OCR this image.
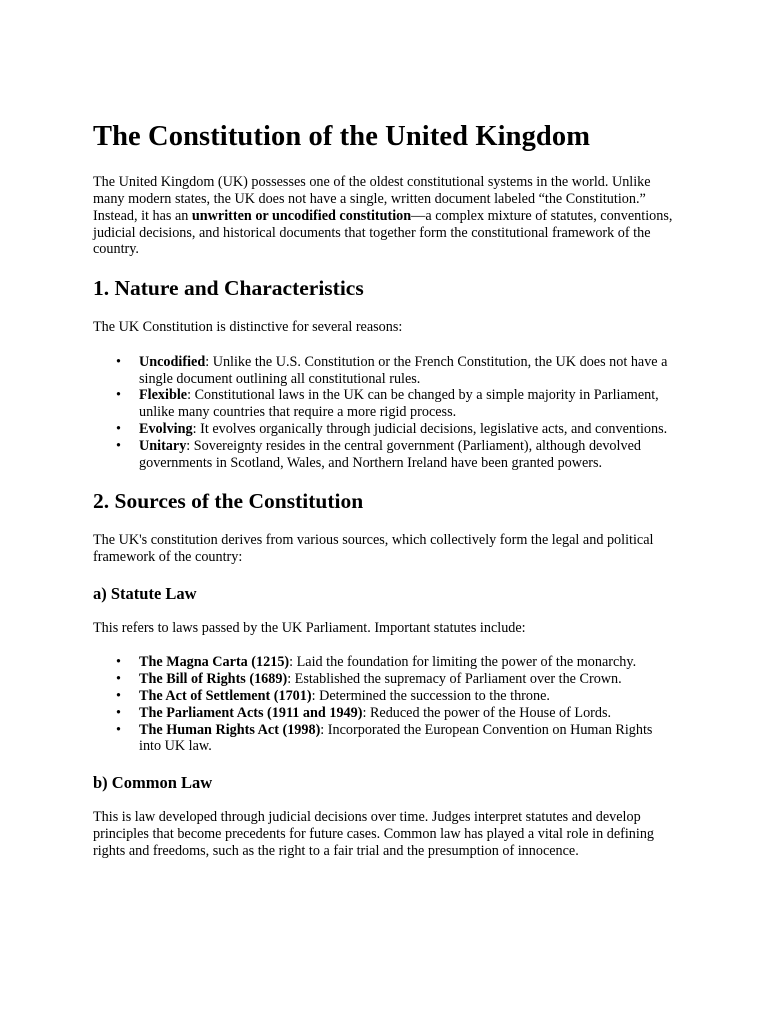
The Constitution of the United Kingdom

The United Kingdom (UK) possesses one of the oldest constitutional systems in the world. Unlike many modern states, the UK does not have a single, written document labeled “the Constitution.” Instead, it has an unwritten or uncodified constitution—a complex mixture of statutes, conventions, judicial decisions, and historical documents that together form the constitutional framework of the country.

1. Nature and Characteristics

The UK Constitution is distinctive for several reasons:

• Uncodified: Unlike the U.S. Constitution or the French Constitution, the UK does not have a single document outlining all constitutional rules.
• Flexible: Constitutional laws in the UK can be changed by a simple majority in Parliament, unlike many countries that require a more rigid process.
• Evolving: It evolves organically through judicial decisions, legislative acts, and conventions.
• Unitary: Sovereignty resides in the central government (Parliament), although devolved governments in Scotland, Wales, and Northern Ireland have been granted powers.
2. Sources of the Constitution

The UK's constitution derives from various sources, which collectively form the legal and political framework of the country:

a) Statute Law

This refers to laws passed by the UK Parliament. Important statutes include:

• The Magna Carta (1215): Laid the foundation for limiting the power of the monarchy.
• The Bill of Rights (1689): Established the supremacy of Parliament over the Crown.
• The Act of Settlement (1701): Determined the succession to the throne.
• The Parliament Acts (1911 and 1949): Reduced the power of the House of Lords.
• The Human Rights Act (1998): Incorporated the European Convention on Human Rights into UK law.
b) Common Law

This is law developed through judicial decisions over time. Judges interpret statutes and develop principles that become precedents for future cases. Common law has played a vital role in defining rights and freedoms, such as the right to a fair trial and the presumption of innocence.
